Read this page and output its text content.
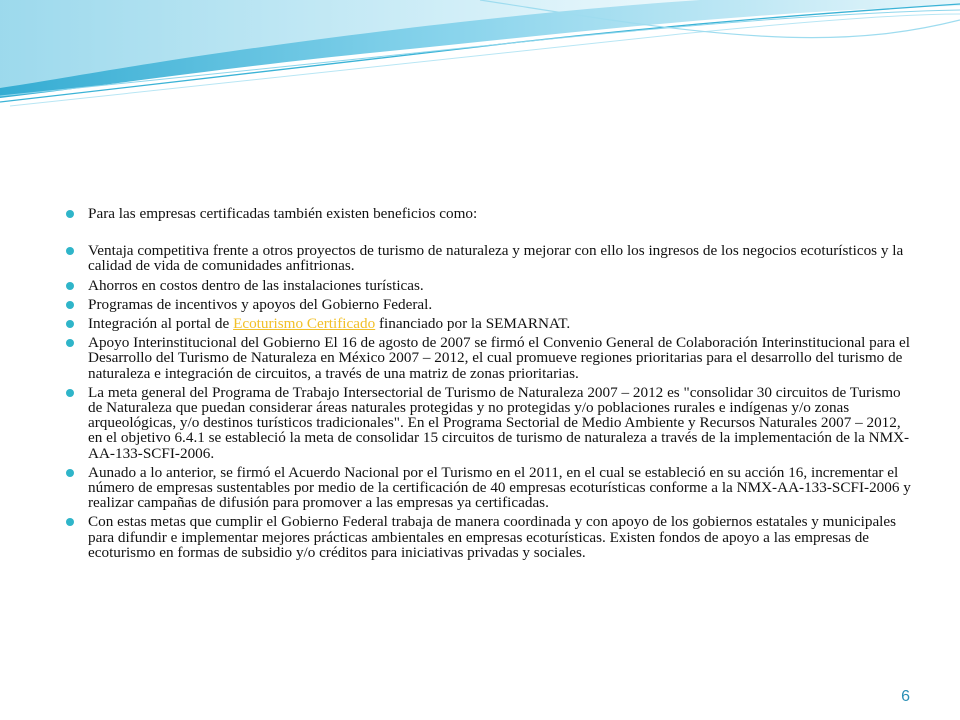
Para las empresas certificadas también existen beneficios como:
Ventaja competitiva frente a otros proyectos de turismo de naturaleza y mejorar con ello los ingresos de los negocios ecoturísticos y la calidad de vida de comunidades anfitrionas.
Ahorros en costos dentro de las instalaciones turísticas.
Programas de incentivos y apoyos del Gobierno Federal.
Integración al portal de Ecoturismo Certificado financiado por la SEMARNAT.
Apoyo Interinstitucional del Gobierno El 16 de agosto de 2007 se firmó el Convenio General de Colaboración Interinstitucional para el Desarrollo del Turismo de Naturaleza en México 2007 – 2012, el cual promueve regiones prioritarias para el desarrollo del turismo de naturaleza e integración de circuitos, a través de una matriz de zonas prioritarias.
La meta general del Programa de Trabajo Intersectorial de Turismo de Naturaleza 2007 – 2012 es "consolidar 30 circuitos de Turismo de Naturaleza que puedan considerar áreas naturales protegidas y no protegidas y/o poblaciones rurales e indígenas y/o zonas arqueológicas, y/o destinos turísticos tradicionales". En el Programa Sectorial de Medio Ambiente y Recursos Naturales 2007 – 2012, en el objetivo 6.4.1 se estableció la meta de consolidar 15 circuitos de turismo de naturaleza a través de la implementación de la NMX-AA-133-SCFI-2006.
Aunado a lo anterior, se firmó el Acuerdo Nacional por el Turismo en el 2011, en el cual se estableció en su acción 16, incrementar el número de empresas sustentables por medio de la certificación de 40 empresas ecoturísticas conforme a la NMX-AA-133-SCFI-2006 y realizar campañas de difusión para promover a las empresas ya certificadas.
Con estas metas que cumplir el Gobierno Federal trabaja de manera coordinada y con apoyo de los gobiernos estatales y municipales para difundir e implementar mejores prácticas ambientales en empresas ecoturísticas. Existen fondos de apoyo a las empresas de ecoturismo en formas de subsidio y/o créditos para iniciativas privadas y sociales.
6
